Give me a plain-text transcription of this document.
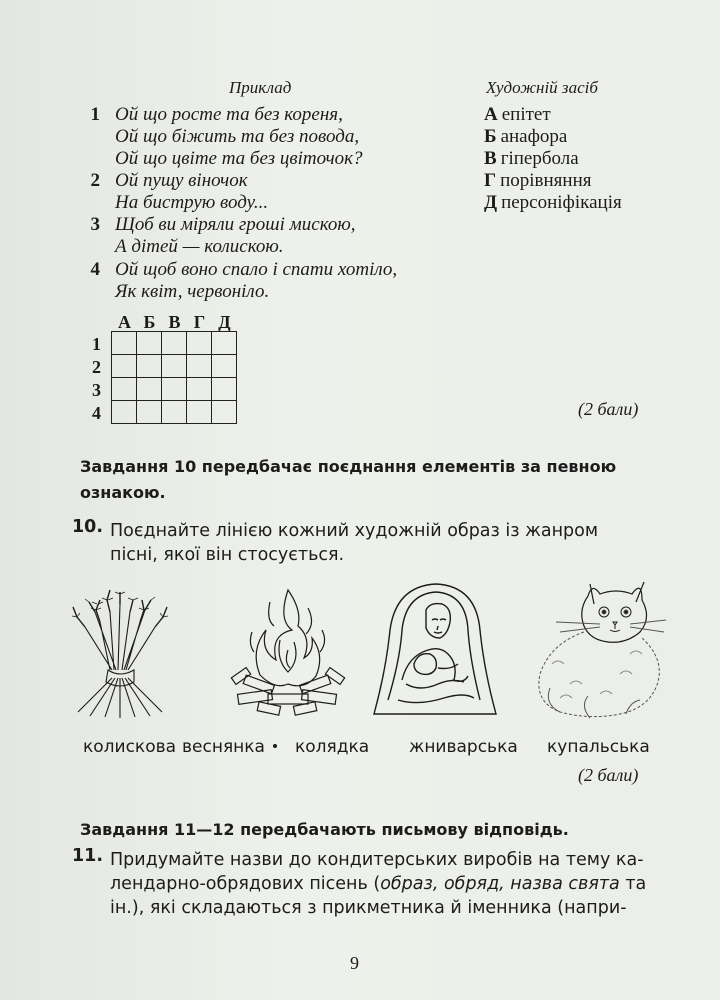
Приклад	Художній засіб
1 Ой що росте та без кореня,
Ой що біжить та без повода,
Ой що цвіте та без цвіточок?
2 Ой пущу віночок
На биструю воду...
3 Щоб ви міряли гроші мискою,
А дітей — колискою.
4 Ой щоб воно спало і спати хотіло,
Як квіт, червоніло.
А епітет
Б анафора
В гіпербола
Г порівняння
Д персоніфікація
А Б В Г Д
1
2
3
4

					(2 бали)
Завдання 10 передбачає поєднання елементів за певною
ознакою.
10. Поєднайте лінією кожний художній образ із жанром
пісні, якої він стосується.
колискова веснянка колядка жниварська купальська
(2 бали)
Завдання 11—12 передбачають письмову відповідь.
11. Придумайте назви до кондитерських виробів на тему ка-
лендарно-обрядових пісень (образ, обряд, назва свята та
ін.), які складаються з прикметника й іменника (напри-
9
